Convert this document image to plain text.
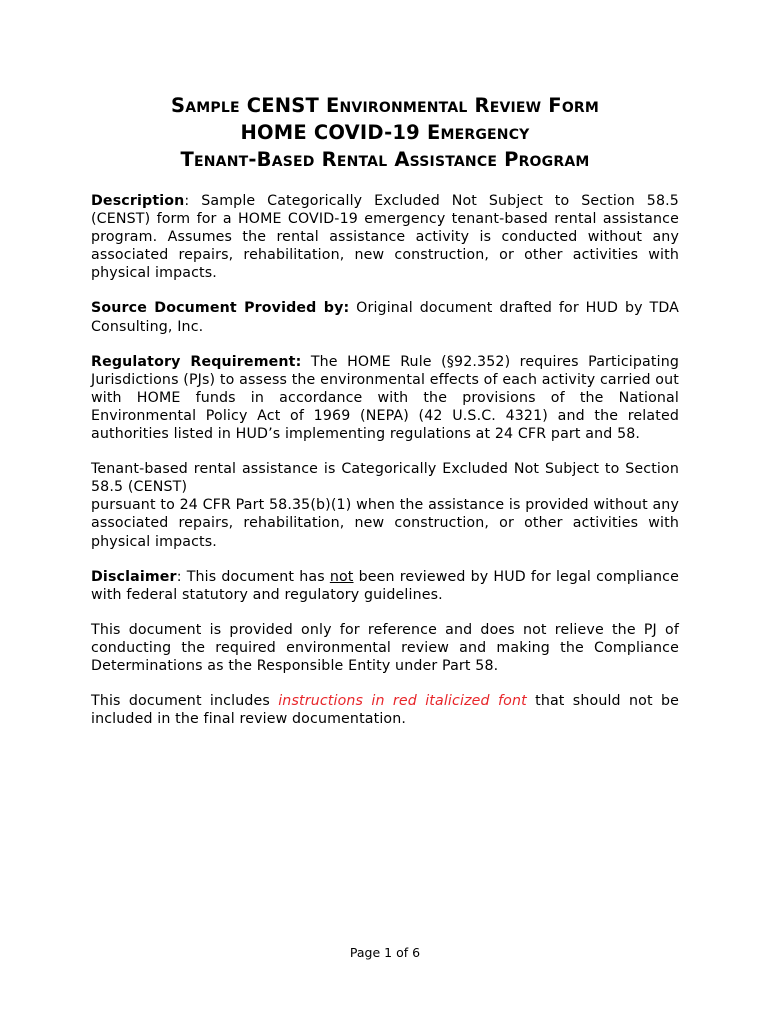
Sample CENST Environmental Review Form
HOME COVID-19 Emergency
Tenant-Based Rental Assistance Program

Description: Sample Categorically Excluded Not Subject to Section 58.5 (CENST) form for a HOME COVID-19 emergency tenant-based rental assistance program. Assumes the rental assistance activity is conducted without any associated repairs, rehabilitation, new construction, or other activities with physical impacts.

Source Document Provided by: Original document drafted for HUD by TDA Consulting, Inc.

Regulatory Requirement: The HOME Rule (§92.352) requires Participating Jurisdictions (PJs) to assess the environmental effects of each activity carried out with HOME funds in accordance with the provisions of the National Environmental Policy Act of 1969 (NEPA) (42 U.S.C. 4321) and the related authorities listed in HUD’s implementing regulations at 24 CFR part and 58.

Tenant-based rental assistance is Categorically Excluded Not Subject to Section 58.5 (CENST)
pursuant to 24 CFR Part 58.35(b)(1) when the assistance is provided without any associated repairs, rehabilitation, new construction, or other activities with physical impacts.

Disclaimer: This document has not been reviewed by HUD for legal compliance with federal statutory and regulatory guidelines.

This document is provided only for reference and does not relieve the PJ of conducting the required environmental review and making the Compliance Determinations as the Responsible Entity under Part 58.

This document includes instructions in red italicized font that should not be included in the final review documentation.

Page 1 of 6
